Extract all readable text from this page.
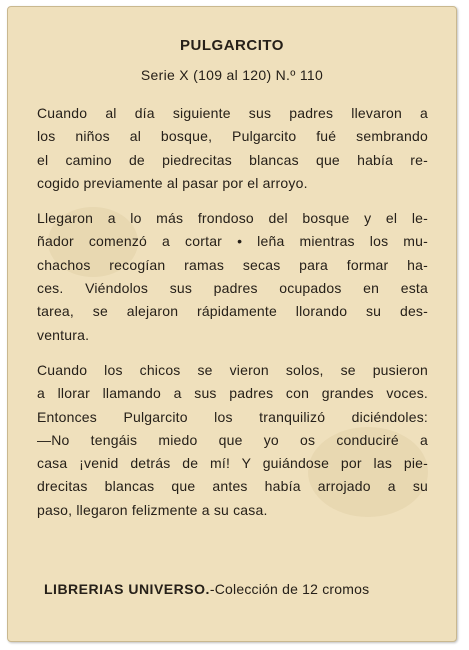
PULGARCITO
Serie X (109 al 120) N.º 110
Cuando al día siguiente sus padres llevaron a
los niños al bosque, Pulgarcito fué sembrando
el camino de piedrecitas blancas que había re-
cogido previamente al pasar por el arroyo.
Llegaron a lo más frondoso del bosque y el le-
ñador comenzó a cortar • leña mientras los mu-
chachos recogían ramas secas para formar ha-
ces. Viéndolos sus padres ocupados en esta
tarea, se alejaron rápidamente llorando su des-
ventura.
Cuando los chicos se vieron solos, se pusieron
a llorar llamando a sus padres con grandes voces.
Entonces Pulgarcito los tranquilizó diciéndoles:
—No tengáis miedo que yo os conduciré a
casa ¡venid detrás de mí! Y guiándose por las pie-
drecitas blancas que antes había arrojado a su
paso, llegaron felizmente a su casa.
LIBRERIAS UNIVERSO.-Colección de 12 cromos
